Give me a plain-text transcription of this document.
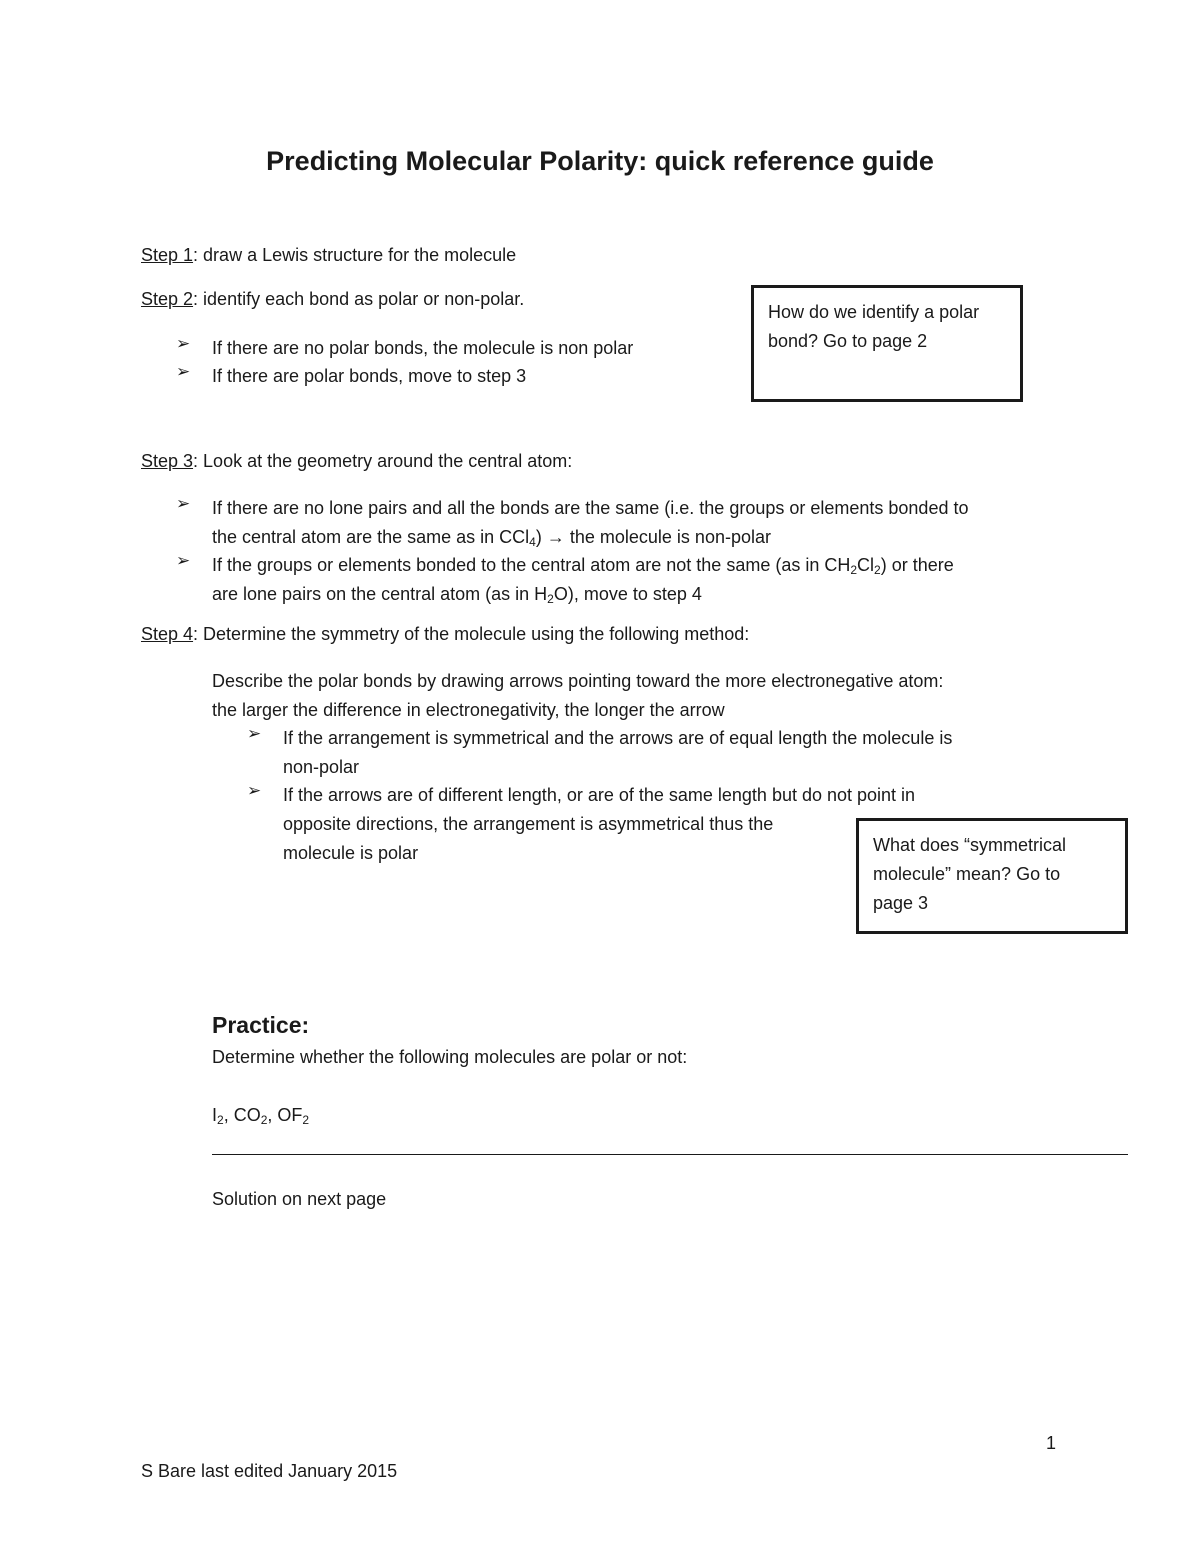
Predicting Molecular Polarity: quick reference guide
Step 1: draw a Lewis structure for the molecule
Step 2: identify each bond as polar or non-polar.
➢ If there are no polar bonds, the molecule is non polar
➢ If there are polar bonds, move to step 3
How do we identify a polar
bond? Go to page 2
Step 3: Look at the geometry around the central atom:
➢ If there are no lone pairs and all the bonds are the same (i.e. the groups or elements bonded to
the central atom are the same as in CCl$_4$) → the molecule is non-polar
➢ If the groups or elements bonded to the central atom are not the same (as in $CH_2Cl_2$) or there
are lone pairs on the central atom (as in $H_2O$), move to step 4
Step 4: Determine the symmetry of the molecule using the following method:
Describe the polar bonds by drawing arrows pointing toward the more electronegative atom:
the larger the difference in electronegativity, the longer the arrow
➢ If the arrangement is symmetrical and the arrows are of equal length the molecule is
non-polar
➢ If the arrows are of different length, or are of the same length but do not point in
opposite directions, the arrangement is asymmetrical thus the
molecule is polar	What does “symmetrical
molecule” mean? Go to
page 3
Practice:
Determine whether the following molecules are polar or not:
$I_2$, $CO_2$, $OF_2$
Solution on next page
1
S Bare last edited January 2015
